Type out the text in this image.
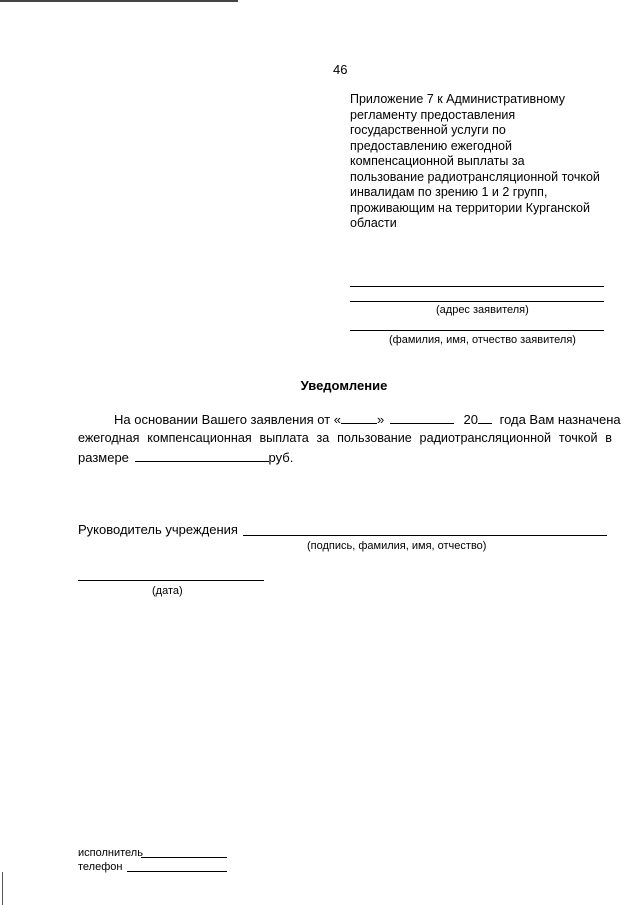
46
Приложение 7 к Административному
регламенту предоставления
государственной услуги по
предоставлению ежегодной
компенсационной выплаты за
пользование радиотрансляционной точкой
инвалидам по зрению 1 и 2 групп,
проживающим на территории Курганской
области
(адрес заявителя)
(фамилия, имя, отчество заявителя)
Уведомление
На основании Вашего заявления от «	»	20 года Вам назначена
ежегодная компенсационная выплата за пользование радиотрансляционной точкой в
размере	руб.
Руководитель учреждения
(подпись, фамилия, имя, отчество)
(дата)
исполнитель
телефон
